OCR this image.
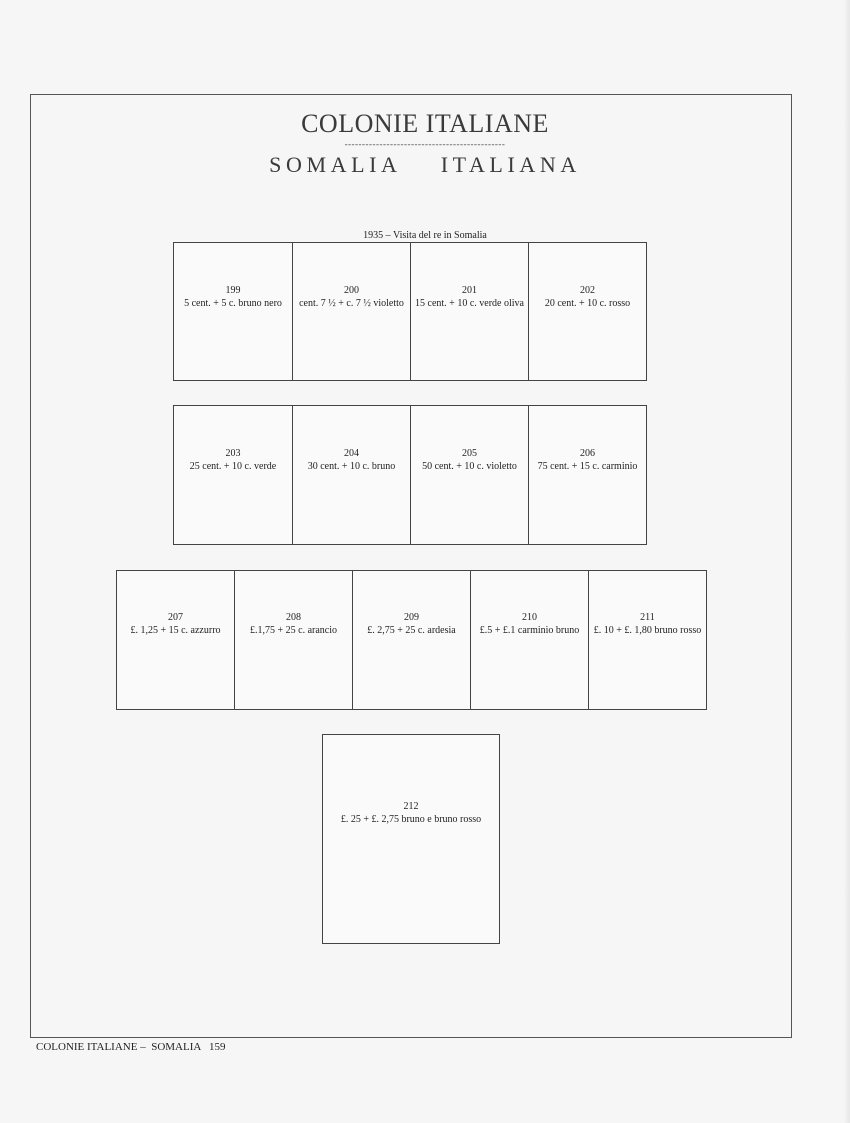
COLONIE ITALIANE
----------------------------------------------
SOMALIA    ITALIANA
1935 – Visita del re in Somalia
199
5 cent. + 5 c. bruno nero
200
cent. 7 ½ + c. 7 ½ violetto
201
15 cent. + 10 c. verde oliva
202
20 cent. + 10 c. rosso
203
25 cent. + 10 c. verde
204
30 cent. + 10 c. bruno
205
50 cent. + 10 c. violetto
206
75 cent. + 15 c. carminio
207
£. 1,25 + 15 c. azzurro
208
£.1,75 + 25 c. arancio
209
£. 2,75 + 25 c. ardesia
210
£.5 + £.1 carminio bruno
211
£. 10 + £. 1,80 bruno rosso
212
£. 25 + £. 2,75 bruno e bruno rosso
COLONIE ITALIANE –  SOMALIA   159
